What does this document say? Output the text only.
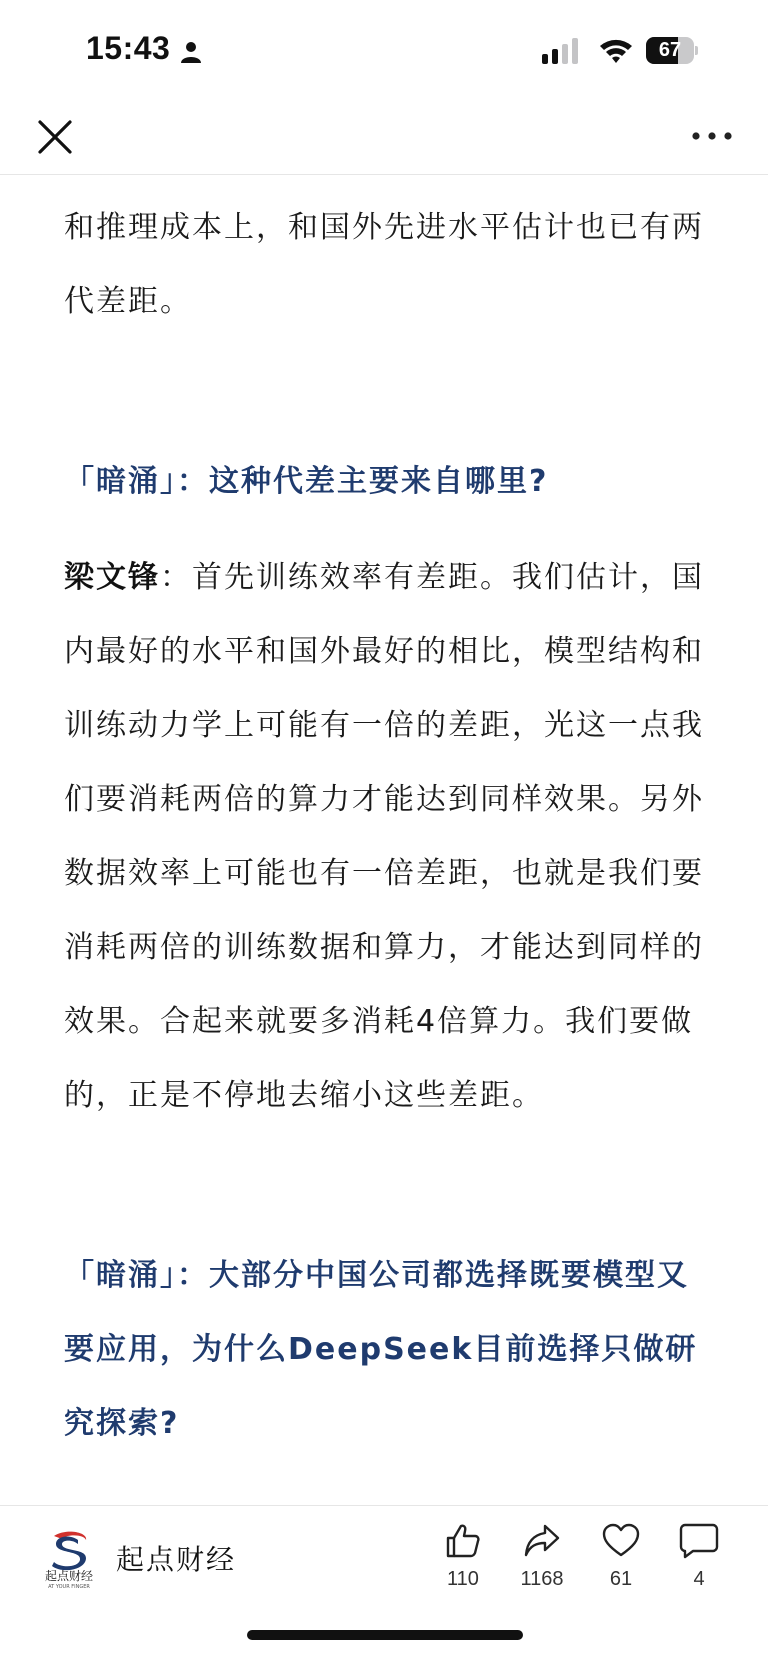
15:43	67

和推理成本上，和国外先进水平估计也已有两代差距。

「暗涌」：这种代差主要来自哪里?

梁文锋：首先训练效率有差距。我们估计，国内最好的水平和国外最好的相比，模型结构和训练动力学上可能有一倍的差距，光这一点我们要消耗两倍的算力才能达到同样效果。另外数据效率上可能也有一倍差距，也就是我们要消耗两倍的训练数据和算力，才能达到同样的效果。合起来就要多消耗4倍算力。我们要做的，正是不停地去缩小这些差距。

「暗涌」：大部分中国公司都选择既要模型又要应用，为什么DeepSeek目前选择只做研究探索?

起点财经
AT YOUR FINGER
起点财经
110	1168	61	4
